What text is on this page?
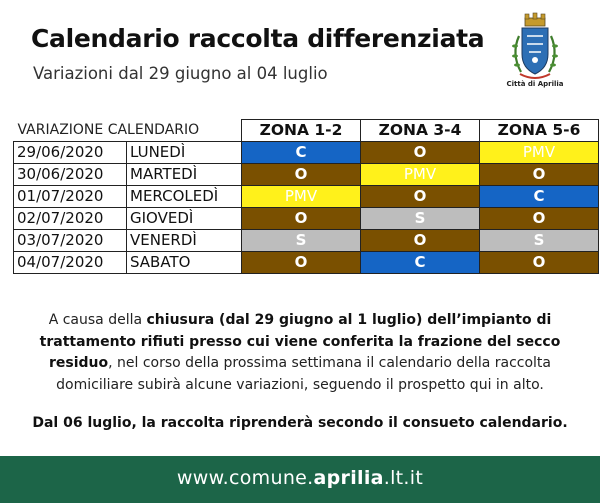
Calendario raccolta differenziata
Variazioni dal 29 giugno al 04 luglio
Città di Aprilia
VARIAZIONE CALENDARIO		ZONA 1-2	ZONA 3-4	ZONA 5-6
29/06/2020	LUNEDÌ	C	O	PMV
30/06/2020	MARTEDÌ	O	PMV	O
01/07/2020	MERCOLEDÌ	PMV	O	C
02/07/2020	GIOVEDÌ	O	S	O
03/07/2020	VENERDÌ	S	O	S
04/07/2020	SABATO	O	C	O
A causa della chiusura (dal 29 giugno al 1 luglio) dell’impianto di trattamento rifiuti presso cui viene conferita la frazione del secco residuo, nel corso della prossima settimana il calendario della raccolta domiciliare subirà alcune variazioni, seguendo il prospetto qui in alto.
Dal 06 luglio, la raccolta riprenderà secondo il consueto calendario.
www.comune.aprilia.lt.it
